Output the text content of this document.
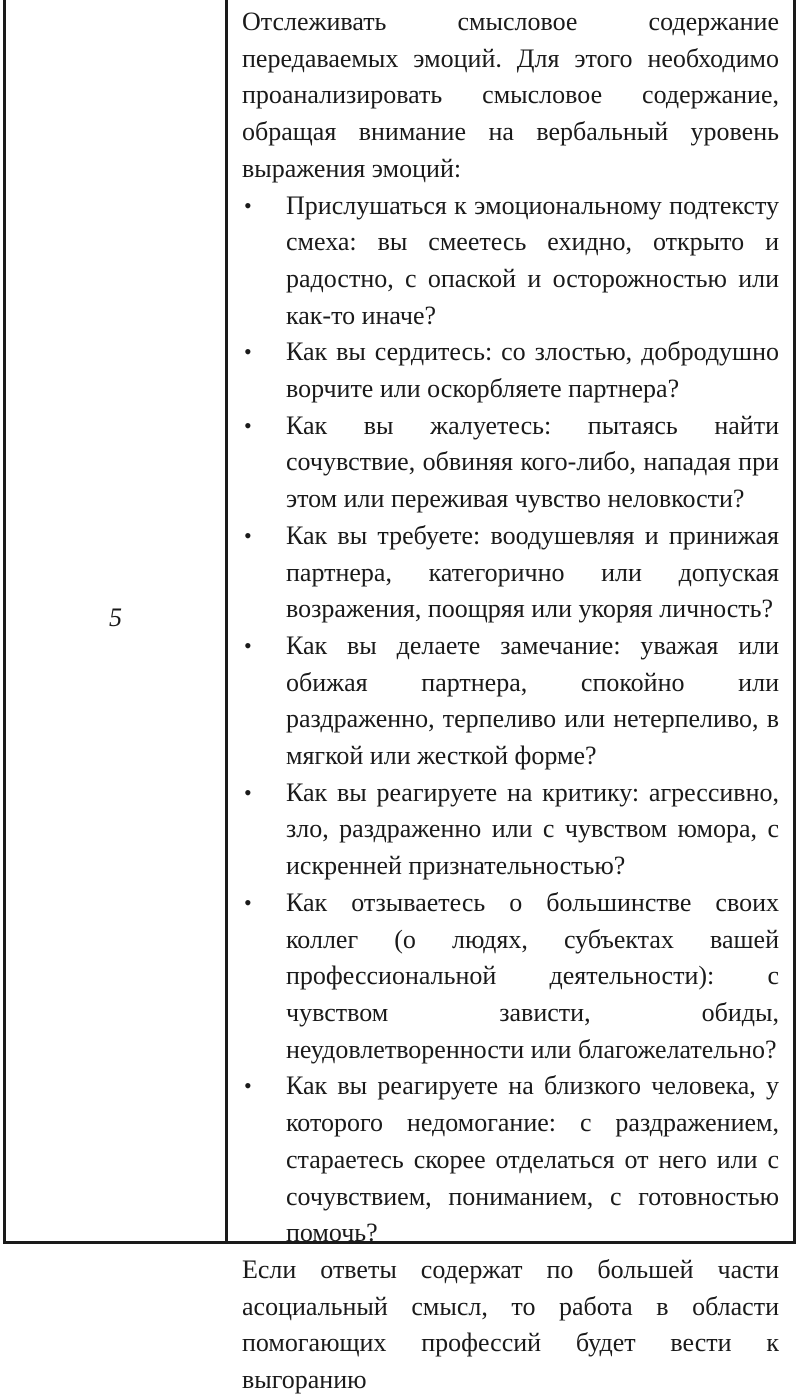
5

Отслеживать смысловое содержание передаваемых эмоций. Для этого необходимо проанализировать смысловое содержание, обращая внимание на вербальный уровень выражения эмоций:

• Прислушаться к эмоциональному подтексту смеха: вы смеетесь ехидно, открыто и радостно, с опаской и осторожностью или как-то иначе?
• Как вы сердитесь: со злостью, добродушно ворчите или оскорбляете партнера?
• Как вы жалуетесь: пытаясь найти сочувствие, обвиняя кого-либо, нападая при этом или переживая чувство неловкости?
• Как вы требуете: воодушевляя и принижая партнера, категорично или допуская возражения, поощряя или укоряя личность?
• Как вы делаете замечание: уважая или обижая партнера, спокойно или раздраженно, терпеливо или нетерпеливо, в мягкой или жесткой форме?
• Как вы реагируете на критику: агрессивно, зло, раздраженно или с чувством юмора, с искренней признательностью?
• Как отзываетесь о большинстве своих коллег (о людях, субъектах вашей профессиональной деятельности): с чувством зависти, обиды, неудовлетворенности или благожелательно?
• Как вы реагируете на близкого человека, у которого недомогание: с раздражением, стараетесь скорее отделаться от него или с сочувствием, пониманием, с готовностью помочь?

Если ответы содержат по большей части асоциальный смысл, то работа в области помогающих профессий будет вести к выгоранию
